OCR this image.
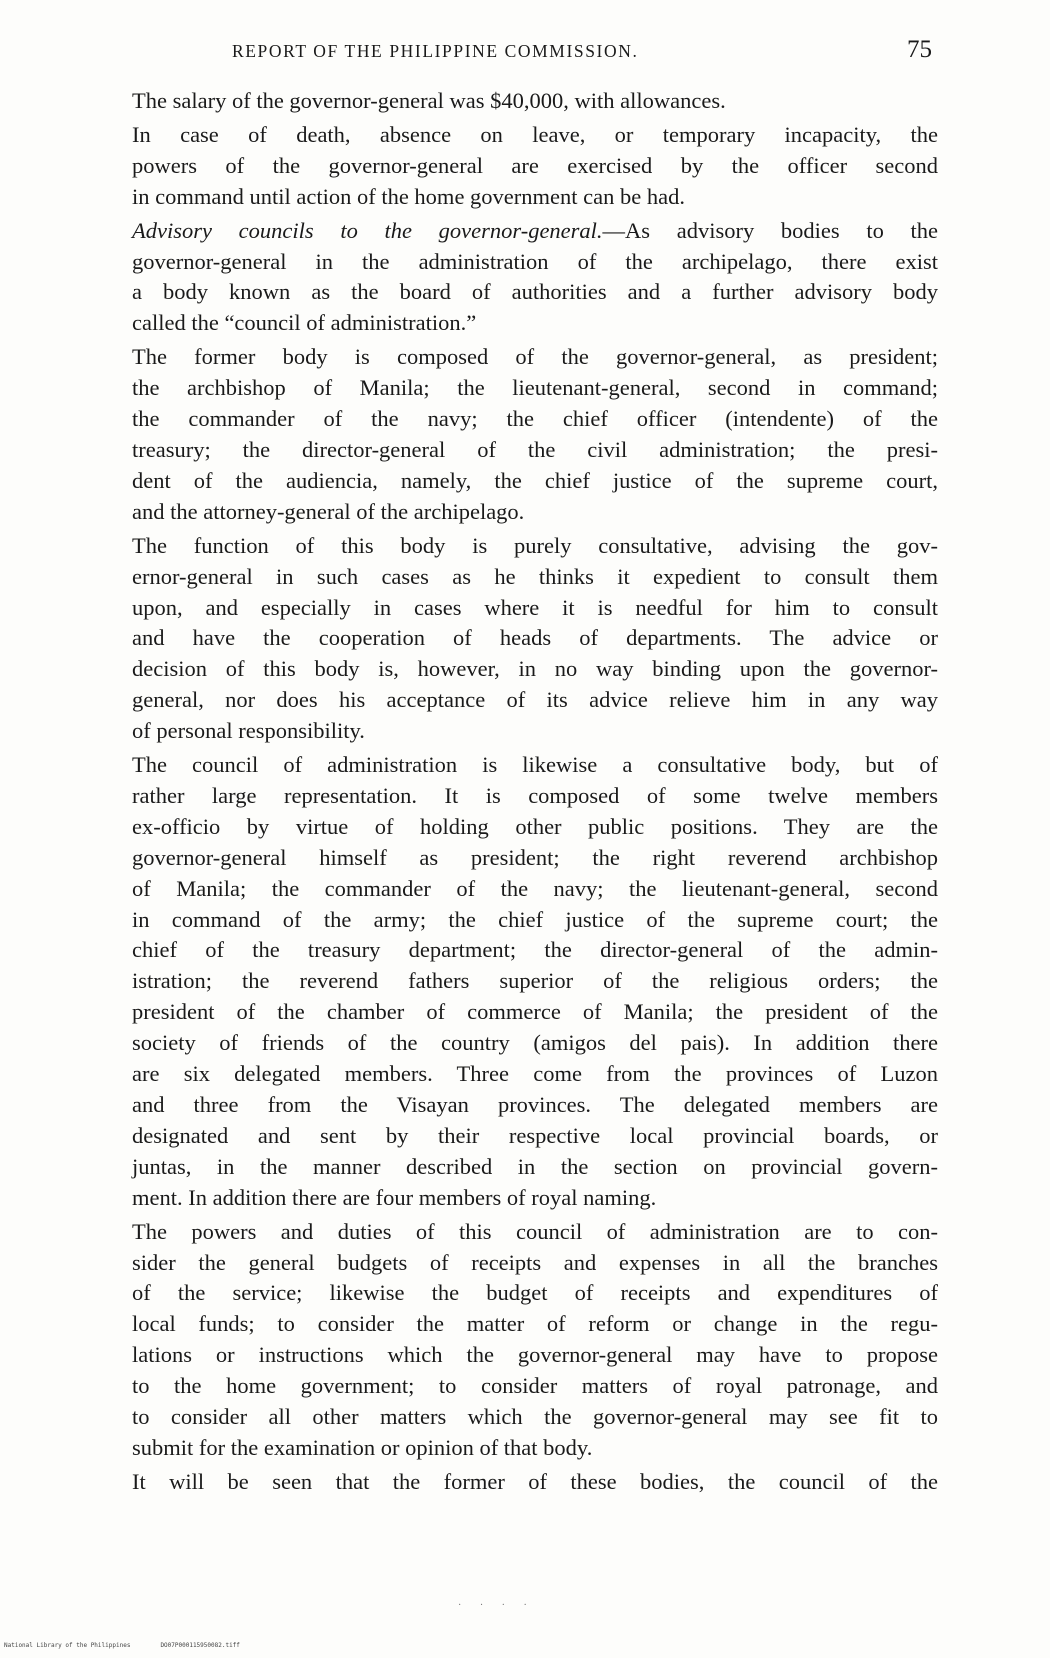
REPORT OF THE PHILIPPINE COMMISSION.	75
The salary of the governor-general was $40,000, with allowances.
In case of death, absence on leave, or temporary incapacity, the
powers of the governor-general are exercised by the officer second
in command until action of the home government can be had.
Advisory councils to the governor-general.—As advisory bodies to the
governor-general in the administration of the archipelago, there exist
a body known as the board of authorities and a further advisory body
called the “council of administration.”
The former body is composed of the governor-general, as president;
the archbishop of Manila; the lieutenant-general, second in command;
the commander of the navy; the chief officer (intendente) of the
treasury; the director-general of the civil administration; the presi-
dent of the audiencia, namely, the chief justice of the supreme court,
and the attorney-general of the archipelago.
The function of this body is purely consultative, advising the gov-
ernor-general in such cases as he thinks it expedient to consult them
upon, and especially in cases where it is needful for him to consult
and have the cooperation of heads of departments. The advice or
decision of this body is, however, in no way binding upon the governor-
general, nor does his acceptance of its advice relieve him in any way
of personal responsibility.
The council of administration is likewise a consultative body, but of
rather large representation. It is composed of some twelve members
ex-officio by virtue of holding other public positions. They are the
governor-general himself as president; the right reverend archbishop
of Manila; the commander of the navy; the lieutenant-general, second
in command of the army; the chief justice of the supreme court; the
chief of the treasury department; the director-general of the admin-
istration; the reverend fathers superior of the religious orders; the
president of the chamber of commerce of Manila; the president of the
society of friends of the country (amigos del pais). In addition there
are six delegated members. Three come from the provinces of Luzon
and three from the Visayan provinces. The delegated members are
designated and sent by their respective local provincial boards, or
juntas, in the manner described in the section on provincial govern-
ment. In addition there are four members of royal naming.
The powers and duties of this council of administration are to con-
sider the general budgets of receipts and expenses in all the branches
of the service; likewise the budget of receipts and expenditures of
local funds; to consider the matter of reform or change in the regu-
lations or instructions which the governor-general may have to propose
to the home government; to consider matters of royal patronage, and
to consider all other matters which the governor-general may see fit to
submit for the examination or opinion of that body.
It will be seen that the former of these bodies, the council of the
· · · ·
National Library of the Philippines	DO07P000115950082.tiff
